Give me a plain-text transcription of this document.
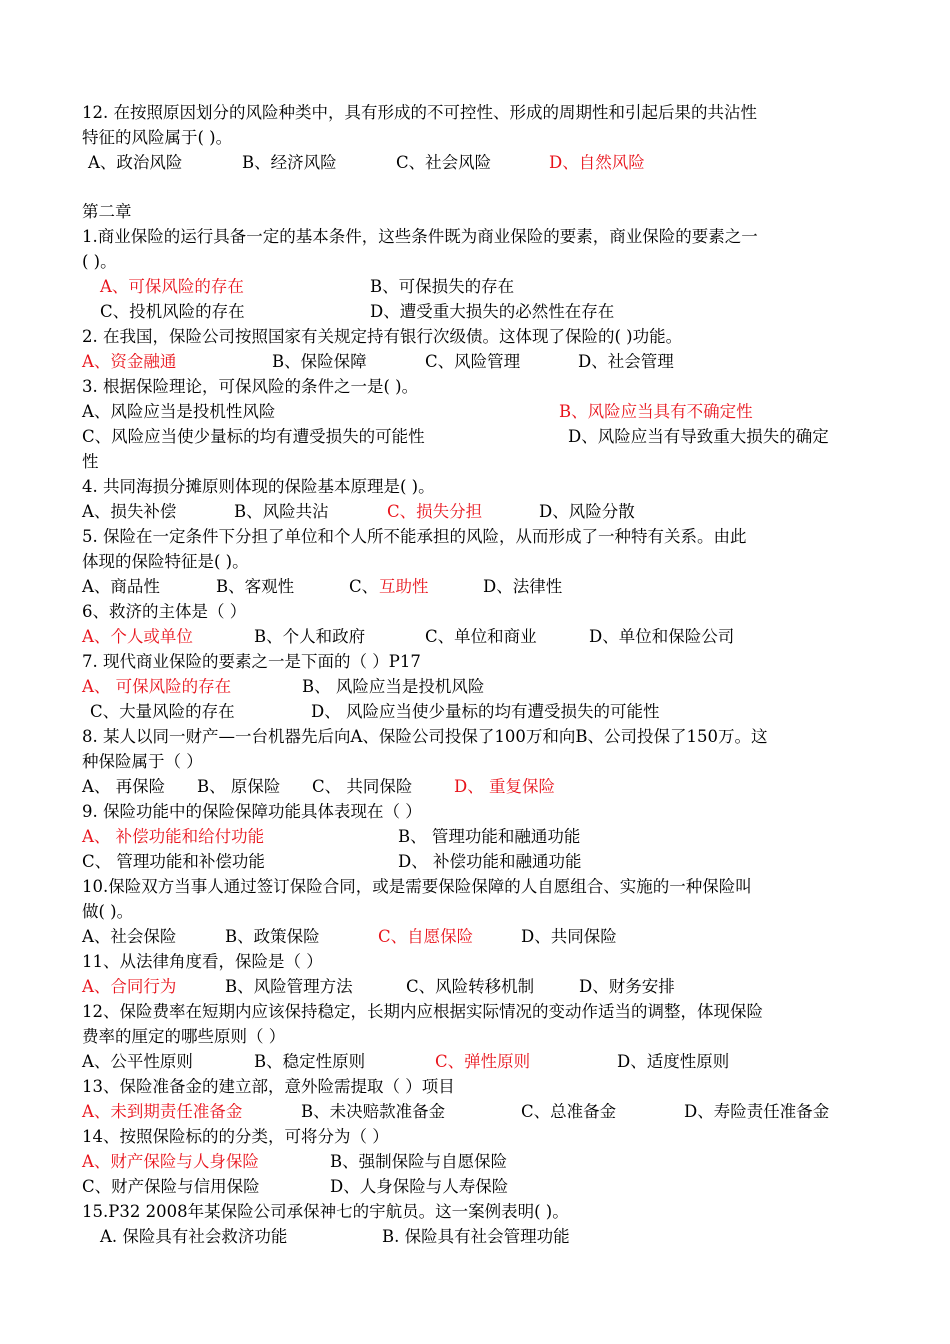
12. 在按照原因划分的风险种类中，具有形成的不可控性、形成的周期性和引起后果的共沾性
特征的风险属于( )。
A、政治风险	B、经济风险	C、社会风险	D、自然风险
第二章
1.商业保险的运行具备一定的基本条件，这些条件既为商业保险的要素，商业保险的要素之一
( )。
A、可保风险的存在	B、可保损失的存在
C、投机风险的存在	D、遭受重大损失的必然性在存在
2. 在我国，保险公司按照国家有关规定持有银行次级债。这体现了保险的( )功能。
A、资金融通	B、保险保障	C、风险管理	D、社会管理
3. 根据保险理论，可保风险的条件之一是( )。
A、风险应当是投机性风险	B、风险应当具有不确定性
C、风险应当使少量标的均有遭受损失的可能性	D、风险应当有导致重大损失的确定
性
4. 共同海损分摊原则体现的保险基本原理是( )。
A、损失补偿	B、风险共沾	C、损失分担	D、风险分散
5. 保险在一定条件下分担了单位和个人所不能承担的风险，从而形成了一种特有关系。由此
体现的保险特征是( )。
A、商品性	B、客观性	C、 互助性	D、法律性
6、救济的主体是（ ）
A、个人或单位	B、个人和政府	C、单位和商业	D、单位和保险公司
7. 现代商业保险的要素之一是下面的（ ）P17
A、 可保风险的存在	B、 风险应当是投机风险
C、大量风险的存在	D、 风险应当使少量标的均有遭受损失的可能性
8. 某人以同一财产—一台机器先后向A、保险公司投保了100万和向B、公司投保了150万。这
种保险属于（ ）
A、 再保险 B、 原保险 C、 共同保险	D、 重复保险
9. 保险功能中的保险保障功能具体表现在（ ）
A、 补偿功能和给付功能	B、 管理功能和融通功能
C、 管理功能和补偿功能	D、 补偿功能和融通功能
10.保险双方当事人通过签订保险合同，或是需要保险保障的人自愿组合、实施的一种保险叫
做( )。
A、社会保险	B、政策保险	C、自愿保险	D、共同保险
11、从法律角度看，保险是（ ）
A、合同行为	B、风险管理方法	C、风险转移机制	D、财务安排
12、保险费率在短期内应该保持稳定，长期内应根据实际情况的变动作适当的调整，体现保险
费率的厘定的哪些原则（ ）
A、公平性原则	B、稳定性原则	C、弹性原则	D、适度性原则
13、保险准备金的建立部，意外险需提取（ ）项目
A、未到期责任准备金	B、未决赔款准备金	C、总准备金	D、寿险责任准备金
14、按照保险标的的分类，可将分为（ ）
A、财产保险与人身保险	B、强制保险与自愿保险
C、财产保险与信用保险	D、人身保险与人寿保险
15.P32 2008年某保险公司承保神七的宇航员。这一案例表明( )。
A. 保险具有社会救济功能	B. 保险具有社会管理功能
